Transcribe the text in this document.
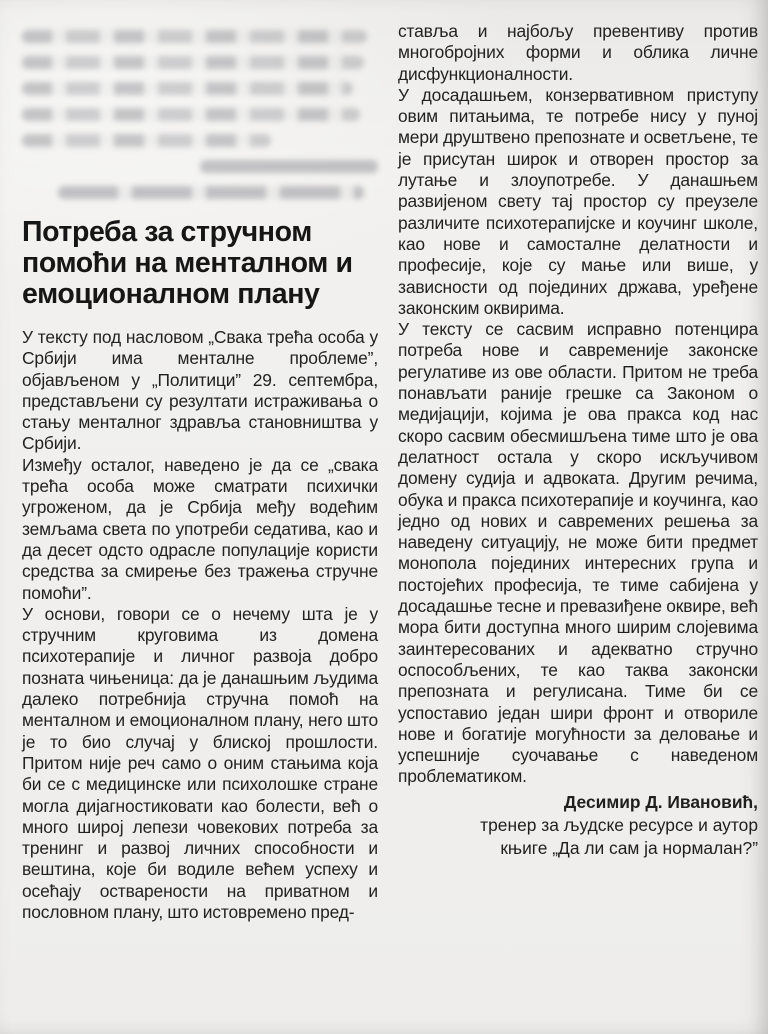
Потреба за стручном помоћи на менталном и емоционалном плану

У тексту под насловом „Свака трећа особа у Србији има менталне проблеме”, објављеном у „Политици” 29. септембра, представљени су резултати истраживања о стању менталног здравља становништва у Србији.

Између осталог, наведено је да се „свака трећа особа може сматрати психички угроженом, да је Србија међу водећим земљама света по употреби седатива, као и да десет одсто одрасле популације користи средства за смирење без тражења стручне помоћи”.

У основи, говори се о нечему шта је у стручним круговима из домена психотерапије и личног развоја добро позната чињеница: да је данашњим људима далеко потребнија стручна помоћ на менталном и емоционалном плану, него што је то био случај у блиској прошлости. Притом није реч само о оним стањима која би се с медицинске или психолошке стране могла дијагностиковати као болести, већ о много широј лепези човекових потреба за тренинг и развој личних способности и вештина, које би водиле већем успеху и осећају остварености на приватном и пословном плану, што истовремено пред-

ставља и најбољу превентиву против многобројних форми и облика личне дисфункционалности.

У досадашњем, конзервативном приступу овим питањима, те потребе нису у пуној мери друштвено препознате и осветљене, те је присутан широк и отворен простор за лутање и злоупотребе. У данашњем развијеном свету тај простор су преузеле различите психотерапијске и коучинг школе, као нове и самосталне делатности и професије, које су мање или више, у зависности од појединих држава, уређене законским оквирима.

У тексту се сасвим исправно потенцира потреба нове и савременије законске регулативе из ове области. Притом не треба понављати раније грешке са Законом о медијацији, којима је ова пракса код нас скоро сасвим обесмишљена тиме што је ова делатност остала у скоро искључивом домену судија и адвоката. Другим речима, обука и пракса психотерапије и коучинга, као једно од нових и савремених решења за наведену ситуацију, не може бити предмет монопола појединих интересних група и постојећих професија, те тиме сабијена у досадашње тесне и превазиђене оквире, већ мора бити доступна много ширим слојевима заинтересованих и адекватно стручно оспособљених, те као таква законски препозната и регулисана. Тиме би се успоставио један шири фронт и отвориле нове и богатије могућности за деловање и успешније суочавање с наведеном проблематиком.

Десимир Д. Ивановић,
тренер за људске ресурсе и аутор
књиге „Да ли сам ја нормалан?”
